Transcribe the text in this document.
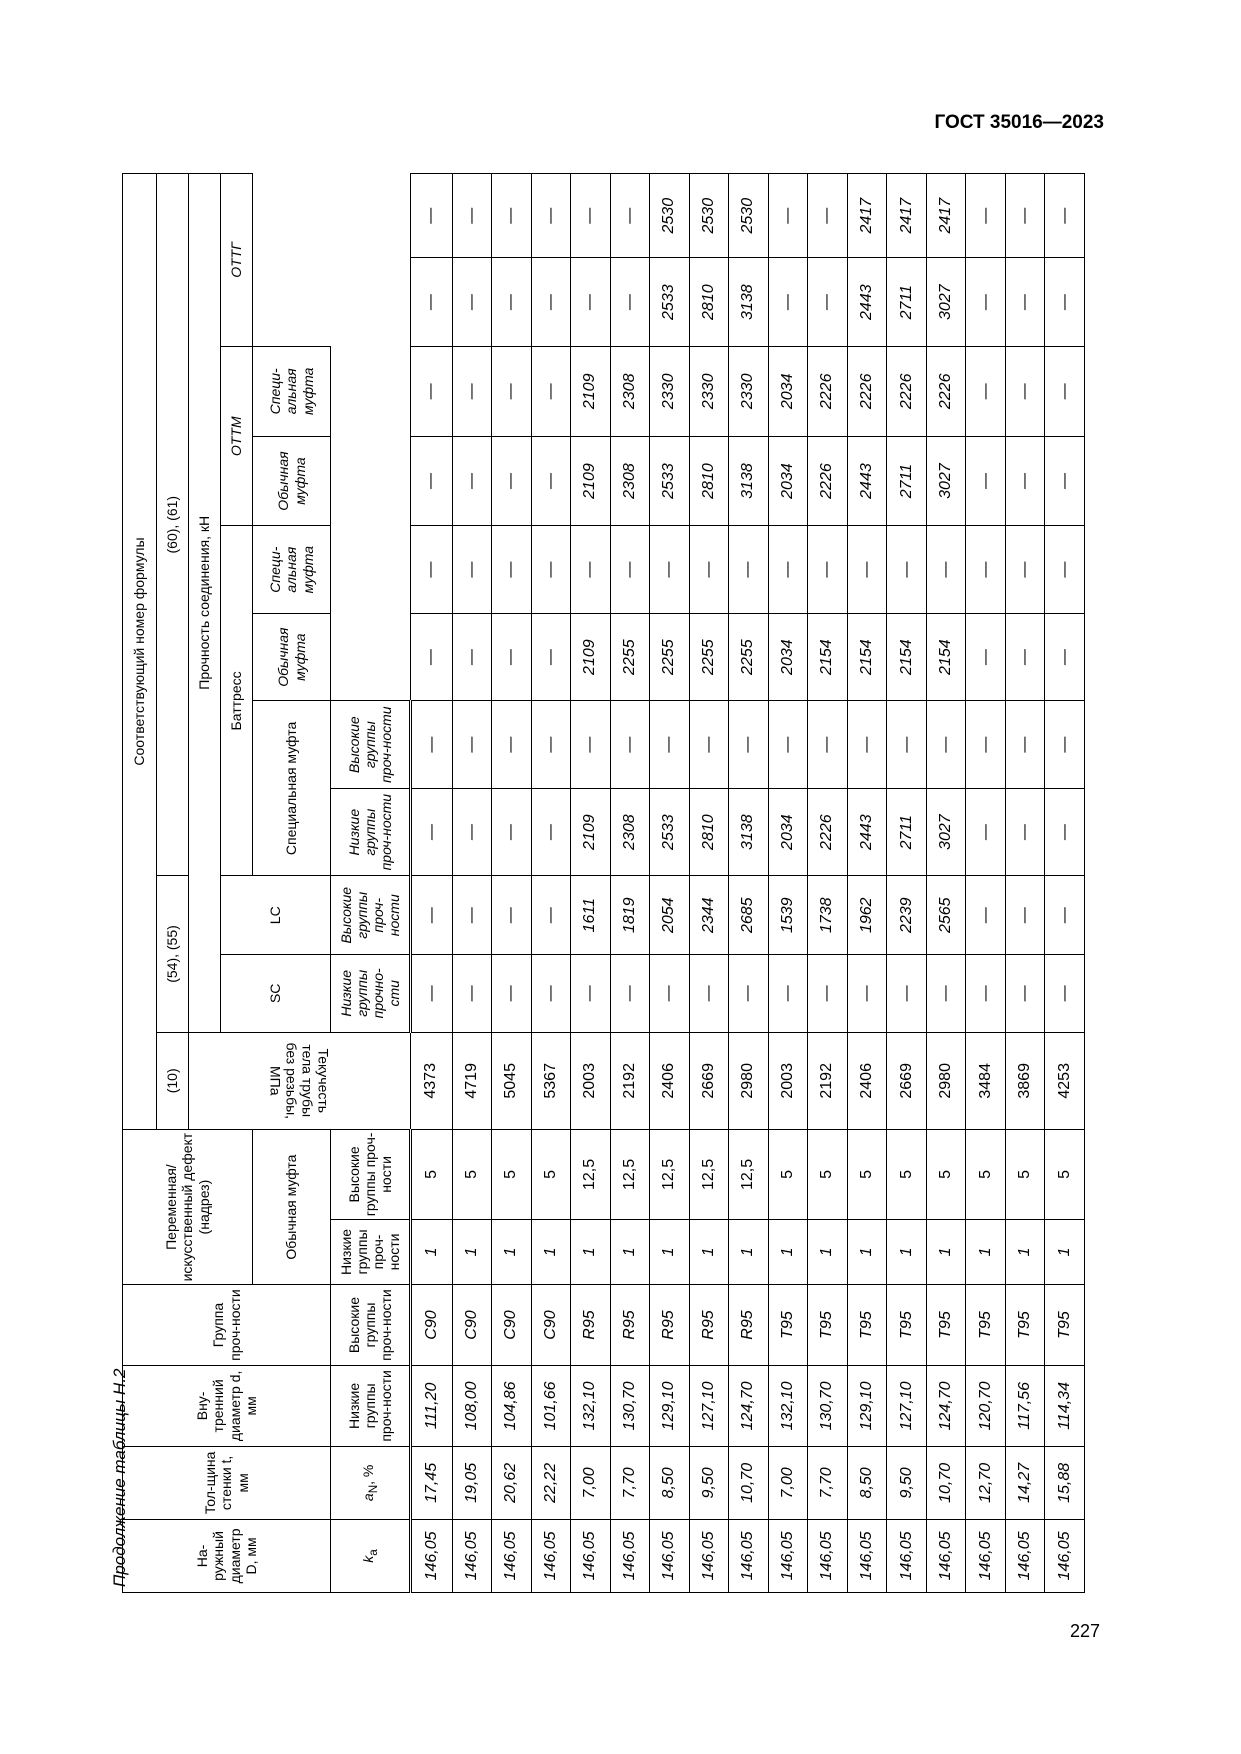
ГОСТ 35016—2023
Продолжение таблицы Н.2	На-ружный диаметр D, мм	Тол-щина стенки t, мм	Вну-тренний диаметр d, мм	Группа проч-ности	Переменная/ искусственный дефект (надрез)		Соответствующий номер формулы										
						(10)	(54), (55)		(60), (61)							
						Текучесть тела трубы без резьбы, МПа	Прочность соединения, кН									
							SC	LC	Баттресс				ОТТМ		ОТТГ	
				Обычная муфта					Специальная муфта		Обычная муфта	Специ-альная муфта	Обычная муфта	Специ-альная муфта		
$k_a$	$a_N$, %	Низкие группы проч-ности	Высокие группы проч-ности	Низкие группы проч-ности	Высокие группы проч-ности		Низкие группы прочно-сти	Высокие группы проч-ности	Низкие группы проч-ности	Высокие группы проч-ности						
146,05	17,45	111,20	C90	1	5	4373	—	—	—	—	—	—	—	—	—	—
146,05	19,05	108,00	C90	1	5	4719	—	—	—	—	—	—	—	—	—	—
146,05	20,62	104,86	C90	1	5	5045	—	—	—	—	—	—	—	—	—	—
146,05	22,22	101,66	C90	1	5	5367	—	—	—	—	—	—	—	—	—	—
146,05	7,00	132,10	R95	1	12,5	2003	—	1611	2109	—	2109	—	2109	2109	—	—
146,05	7,70	130,70	R95	1	12,5	2192	—	1819	2308	—	2255	—	2308	2308	—	—
146,05	8,50	129,10	R95	1	12,5	2406	—	2054	2533	—	2255	—	2533	2330	2533	2530
146,05	9,50	127,10	R95	1	12,5	2669	—	2344	2810	—	2255	—	2810	2330	2810	2530
146,05	10,70	124,70	R95	1	12,5	2980	—	2685	3138	—	2255	—	3138	2330	3138	2530
146,05	7,00	132,10	T95	1	5	2003	—	1539	2034	—	2034	—	2034	2034	—	—
146,05	7,70	130,70	T95	1	5	2192	—	1738	2226	—	2154	—	2226	2226	—	—
146,05	8,50	129,10	T95	1	5	2406	—	1962	2443	—	2154	—	2443	2226	2443	2417
146,05	9,50	127,10	T95	1	5	2669	—	2239	2711	—	2154	—	2711	2226	2711	2417
146,05	10,70	124,70	T95	1	5	2980	—	2565	3027	—	2154	—	3027	2226	3027	2417
146,05	12,70	120,70	T95	1	5	3484	—	—	—	—	—	—	—	—	—	—
146,05	14,27	117,56	T95	1	5	3869	—	—	—	—	—	—	—	—	—	—
146,05	15,88	114,34	T95	1	5	4253	—	—	—	—	—	—	—	—	—	—
227
